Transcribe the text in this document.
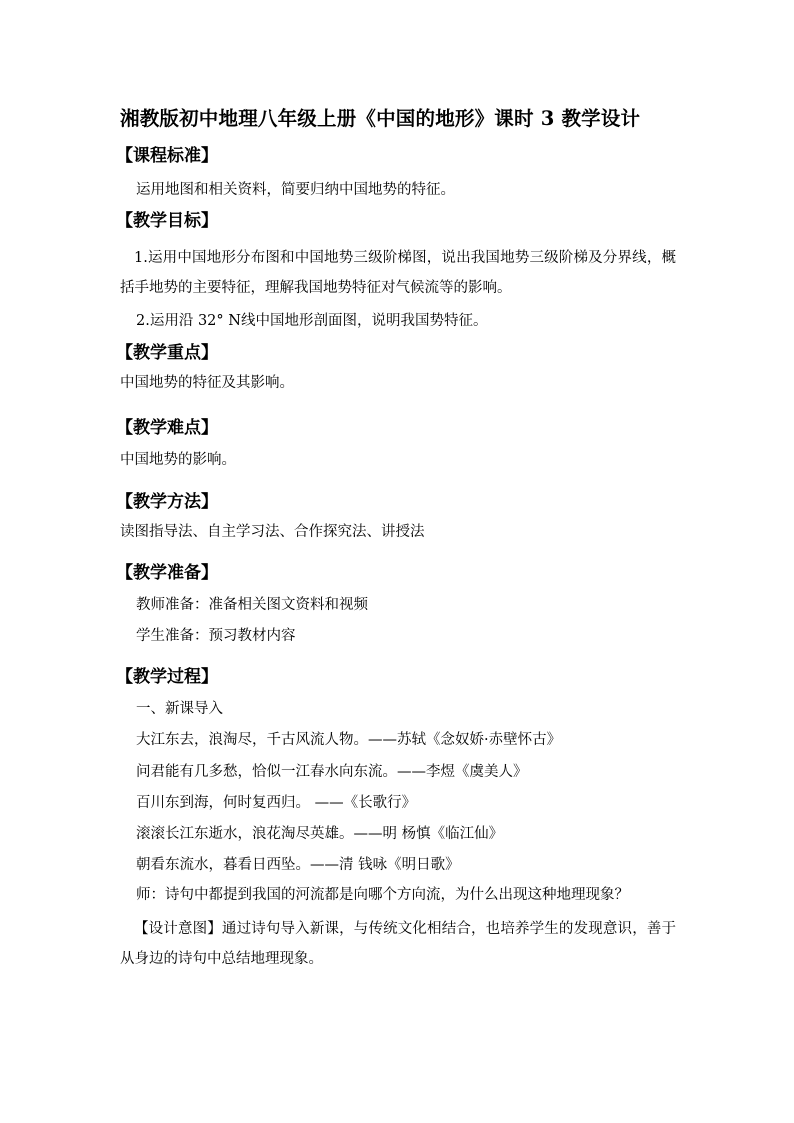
湘教版初中地理八年级上册《中国的地形》课时 3 教学设计
【课程标准】
运用地图和相关资料，简要归纳中国地势的特征。
【教学目标】
1.运用中国地形分布图和中国地势三级阶梯图，说出我国地势三级阶梯及分界线，概括手地势的主要特征，理解我国地势特征对气候流等的影响。
2.运用沿 32° N线中国地形剖面图，说明我国势特征。
【教学重点】
中国地势的特征及其影响。
【教学难点】
中国地势的影响。
【教学方法】
读图指导法、自主学习法、合作探究法、讲授法
【教学准备】
教师准备：准备相关图文资料和视频
学生准备：预习教材内容
【教学过程】
一、新课导入
大江东去，浪淘尽，千古风流人物。——苏轼《念奴娇·赤壁怀古》
问君能有几多愁，恰似一江春水向东流。——李煜《虞美人》
百川东到海，何时复西归。 ——《长歌行》
滚滚长江东逝水，浪花淘尽英雄。——明 杨慎《临江仙》
朝看东流水，暮看日西坠。——清 钱咏《明日歌》
师：诗句中都提到我国的河流都是向哪个方向流，为什么出现这种地理现象？
【设计意图】通过诗句导入新课，与传统文化相结合，也培养学生的发现意识，善于从身边的诗句中总结地理现象。
